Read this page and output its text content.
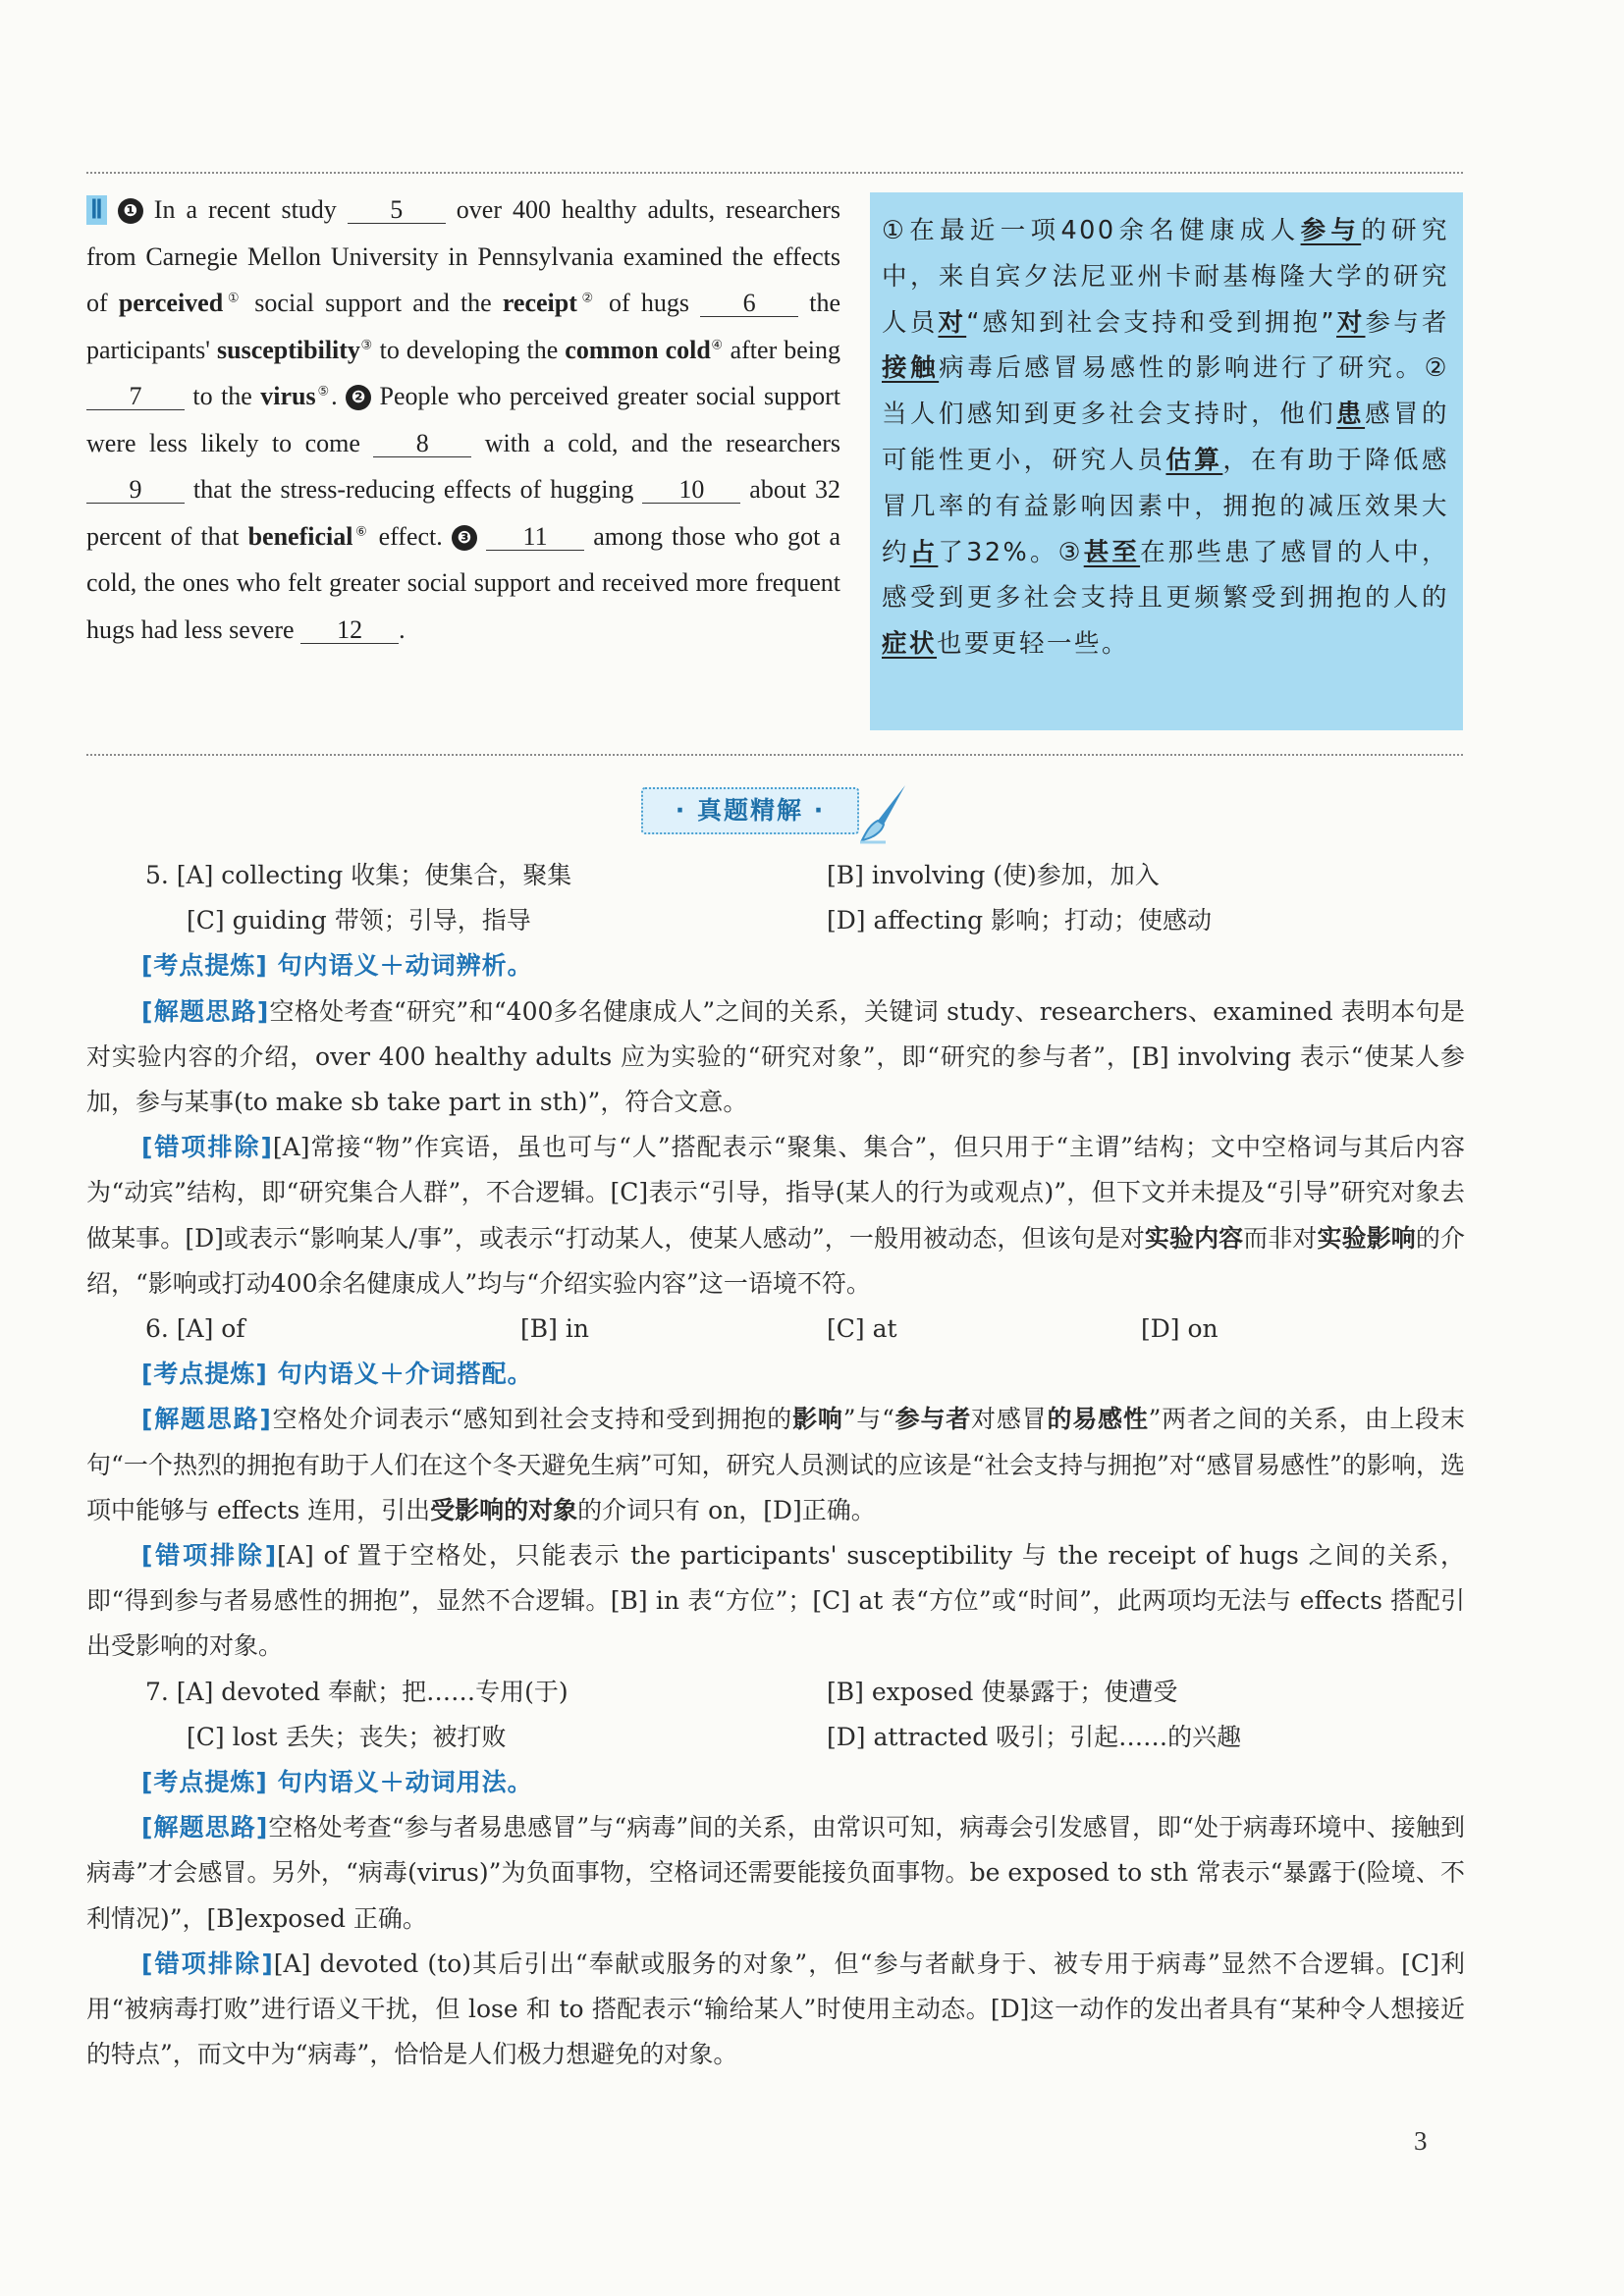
Ⅱ ❶ In a recent study 5 over 400 healthy adults, researchers from Carnegie Mellon University in Pennsylvania examined the effects of perceived① social support and the receipt② of hugs 6 the participants' susceptibility③ to developing the common cold④ after being 7 to the virus⑤. ❷ People who perceived greater social support were less likely to come 8 with a cold, and the researchers 9 that the stress-reducing effects of hugging 10 about 32 percent of that beneficial⑥ effect. ❸ 11 among those who got a cold, the ones who felt greater social support and received more frequent hugs had less severe 12 .
①在最近一项400余名健康成人参与的研究中，来自宾夕法尼亚州卡耐基梅隆大学的研究人员对“感知到社会支持和受到拥抱”对参与者接触病毒后感冒易感性的影响进行了研究。②当人们感知到更多社会支持时，他们患感冒的可能性更小，研究人员估算，在有助于降低感冒几率的有益影响因素中，拥抱的减压效果大约占了32%。③甚至在那些患了感冒的人中，感受到更多社会支持且更频繁受到拥抱的人的症状也要更轻一些。
· 真题精解 ·
5. [A] collecting 收集；使集合，聚集	[B] involving (使)参加，加入
[C] guiding 带领；引导，指导	[D] affecting 影响；打动；使感动
[考点提炼] 句内语义＋动词辨析。
[解题思路]空格处考查“研究”和“400多名健康成人”之间的关系，关键词 study、researchers、examined 表明本句是对实验内容的介绍，over 400 healthy adults 应为实验的“研究对象”，即“研究的参与者”，[B] involving 表示“使某人参加，参与某事(to make sb take part in sth)”，符合文意。
[错项排除][A]常接“物”作宾语，虽也可与“人”搭配表示“聚集、集合”，但只用于“主谓”结构；文中空格词与其后内容为“动宾”结构，即“研究集合人群”，不合逻辑。[C]表示“引导，指导(某人的行为或观点)”，但下文并未提及“引导”研究对象去做某事。[D]或表示“影响某人/事”，或表示“打动某人，使某人感动”，一般用被动态，但该句是对实验内容而非对实验影响的介绍，“影响或打动400余名健康成人”均与“介绍实验内容”这一语境不符。
6. [A] of	[B] in	[C] at	[D] on
[考点提炼] 句内语义＋介词搭配。
[解题思路]空格处介词表示“感知到社会支持和受到拥抱的影响”与“参与者对感冒的易感性”两者之间的关系，由上段末句“一个热烈的拥抱有助于人们在这个冬天避免生病”可知，研究人员测试的应该是“社会支持与拥抱”对“感冒易感性”的影响，选项中能够与 effects 连用，引出受影响的对象的介词只有 on，[D]正确。
[错项排除][A] of 置于空格处，只能表示 the participants' susceptibility 与 the receipt of hugs 之间的关系，即“得到参与者易感性的拥抱”，显然不合逻辑。[B] in 表“方位”；[C] at 表“方位”或“时间”，此两项均无法与 effects 搭配引出受影响的对象。
7. [A] devoted 奉献；把……专用(于)	[B] exposed 使暴露于；使遭受
[C] lost 丢失；丧失；被打败	[D] attracted 吸引；引起……的兴趣
[考点提炼] 句内语义＋动词用法。
[解题思路]空格处考查“参与者易患感冒”与“病毒”间的关系，由常识可知，病毒会引发感冒，即“处于病毒环境中、接触到病毒”才会感冒。另外，“病毒(virus)”为负面事物，空格词还需要能接负面事物。be exposed to sth 常表示“暴露于(险境、不利情况)”，[B]exposed 正确。
[错项排除][A] devoted (to)其后引出“奉献或服务的对象”，但“参与者献身于、被专用于病毒”显然不合逻辑。[C]利用“被病毒打败”进行语义干扰，但 lose 和 to 搭配表示“输给某人”时使用主动态。[D]这一动作的发出者具有“某种令人想接近的特点”，而文中为“病毒”，恰恰是人们极力想避免的对象。
3
